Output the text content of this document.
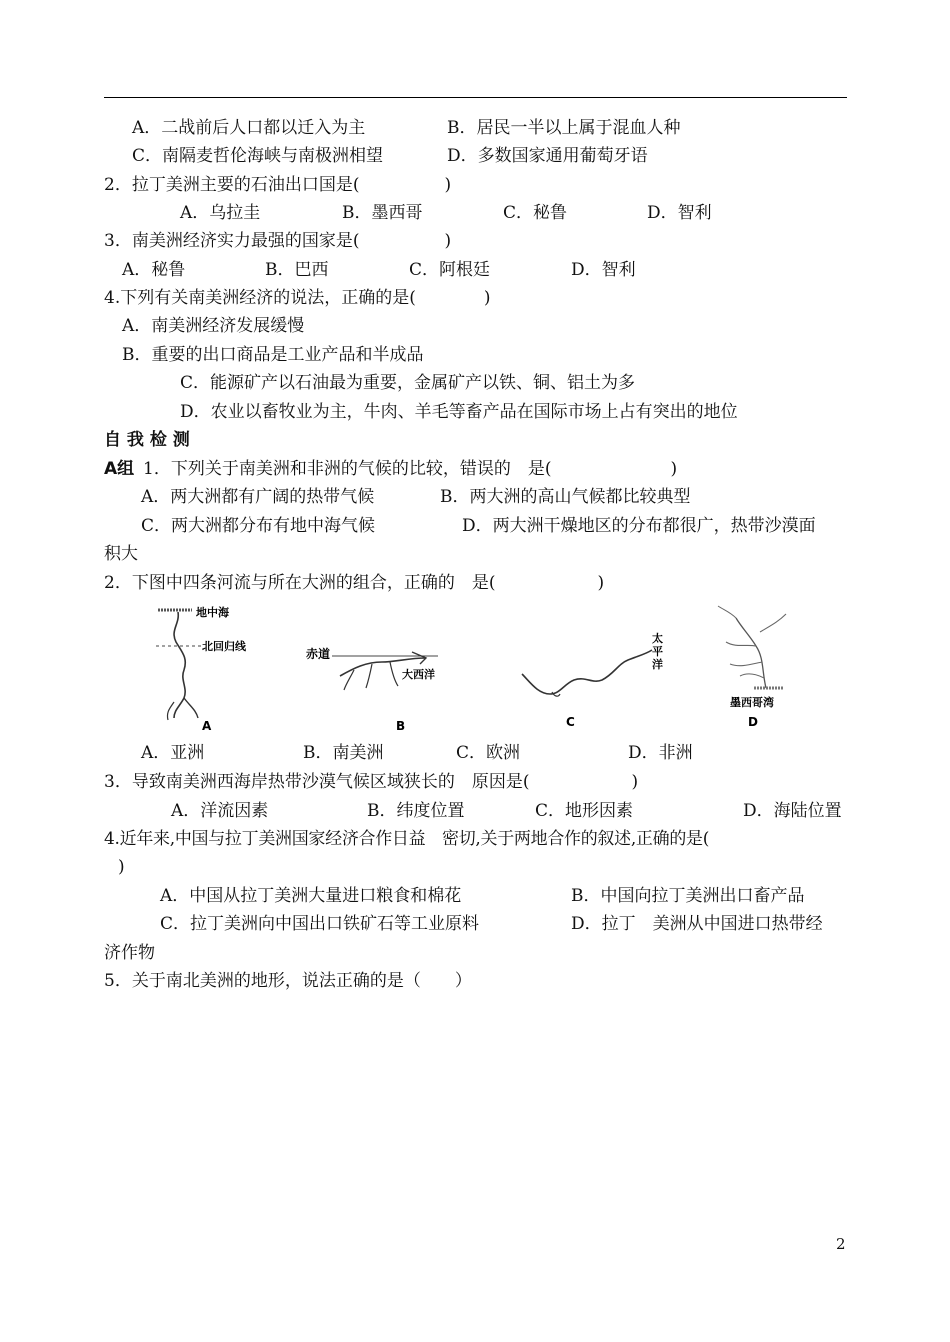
A．二战前后人口都以迁入为主	B．居民一半以上属于混血人种
C．南隔麦哲伦海峡与南极洲相望	D．多数国家通用葡萄牙语
2．拉丁美洲主要的石油出口国是(　　　　　)
A．乌拉圭	B．墨西哥	C．秘鲁	D．智利
3．南美洲经济实力最强的国家是(　　　　　)
A．秘鲁	B．巴西	C．阿根廷	D．智利
4.下列有关南美洲经济的说法，正确的是(　　　　)
A．南美洲经济发展缓慢
B．重要的出口商品是工业产品和半成品
C．能源矿产以石油最为重要，金属矿产以铁、铜、铝土为多
D．农业以畜牧业为主，牛肉、羊毛等畜产品在国际市场上占有突出的地位
自 我 检 测
A组 1．下列关于南美洲和非洲的气候的比较，错误的　是(　　　　　　　)
A．两大洲都有广阔的热带气候	B．两大洲的高山气候都比较典型
C．两大洲都分布有地中海气候	D．两大洲干燥地区的分布都很广，热带沙漠面
积大
2．下图中四条河流与所在大洲的组合，正确的　是(　　　　　　)
地中海
北回归线
A
赤道
大西洋
B
太
平
洋
C
墨西哥湾
D
A．亚洲	B．南美洲	C．欧洲	D．非洲
3．导致南美洲西海岸热带沙漠气候区域狭长的　原因是(　　　　　　)
A．洋流因素	B．纬度位置	C．地形因素	D．海陆位置
4.近年来,中国与拉丁美洲国家经济合作日益　密切,关于两地合作的叙述,正确的是(
)
A．中国从拉丁美洲大量进口粮食和棉花	B．中国向拉丁美洲出口畜产品
C．拉丁美洲向中国出口铁矿石等工业原料	D．拉丁　美洲从中国进口热带经
济作物
5．关于南北美洲的地形，说法正确的是（　　）
2
